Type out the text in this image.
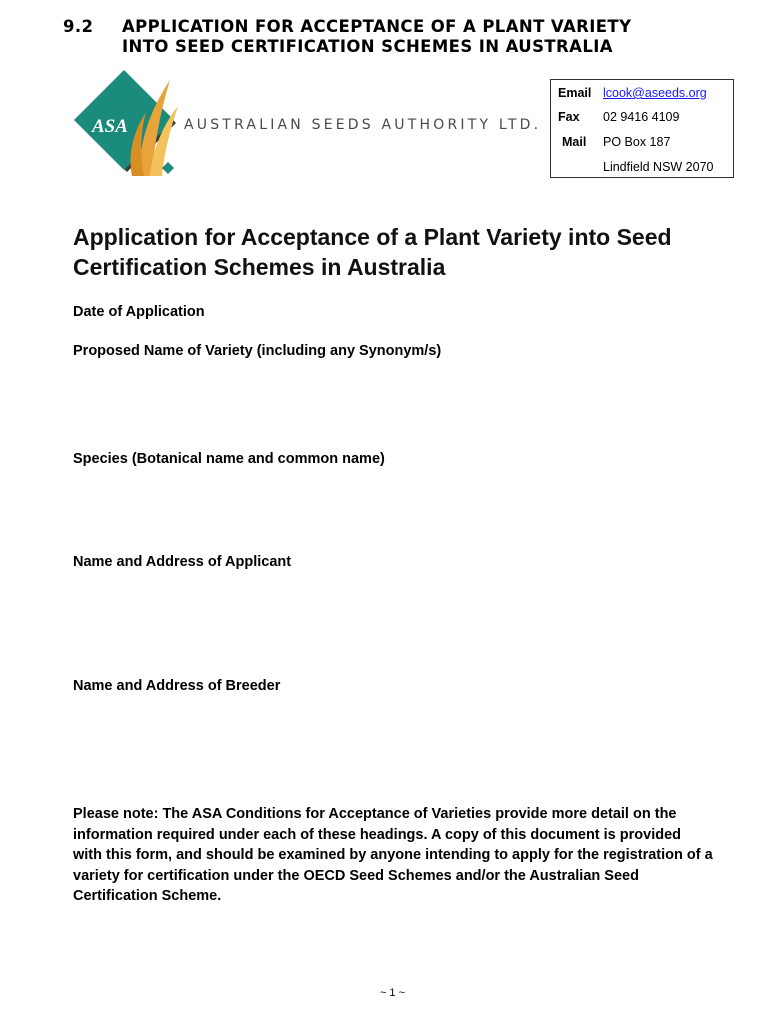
9.2 APPLICATION FOR ACCEPTANCE OF A PLANT VARIETY
INTO SEED CERTIFICATION SCHEMES IN AUSTRALIA
ASA	AUSTRALIAN SEEDS AUTHORITY LTD.
Email lcook@aseeds.org
Fax 02 9416 4109
Mail PO Box 187
Lindfield NSW 2070
Application for Acceptance of a Plant Variety into Seed Certification Schemes in Australia
Date of Application
Proposed Name of Variety (including any Synonym/s)
Species (Botanical name and common name)
Name and Address of Applicant
Name and Address of Breeder
Please note: The ASA Conditions for Acceptance of Varieties provide more detail on the information required under each of these headings. A copy of this document is provided with this form, and should be examined by anyone intending to apply for the registration of a variety for certification under the OECD Seed Schemes and/or the Australian Seed Certification Scheme.
~ 1 ~
